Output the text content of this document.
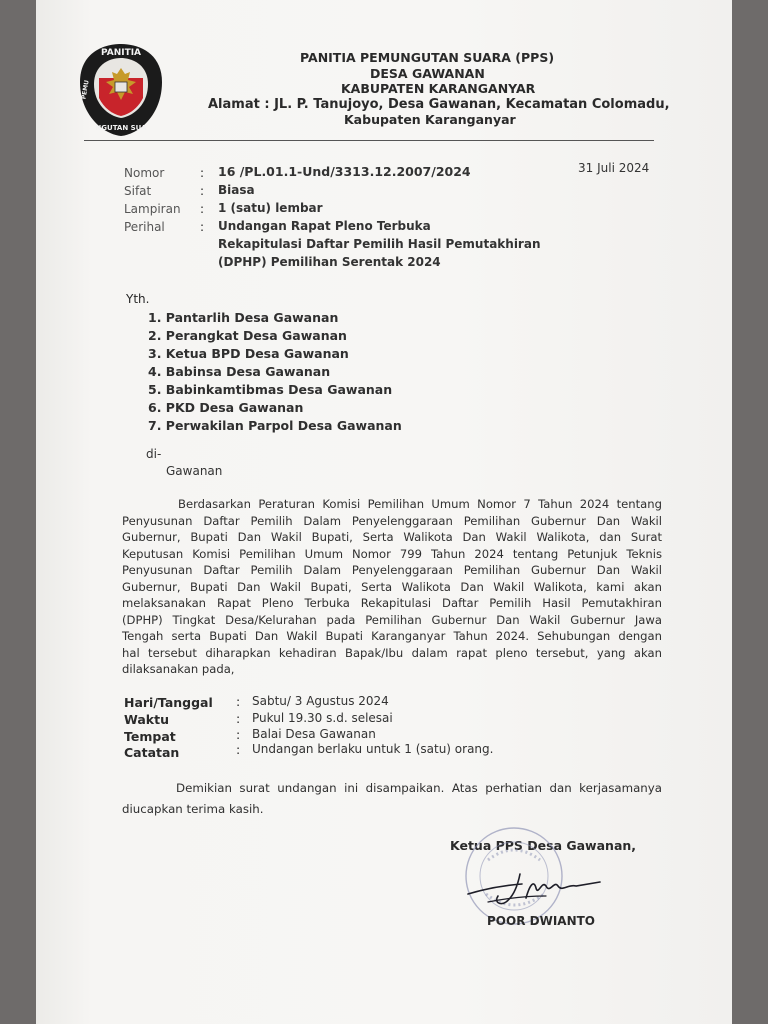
PANITIA
PEMU
NGUTAN SUA
PANITIA PEMUNGUTAN SUARA (PPS)
DESA GAWANAN
KABUPATEN KARANGANYAR
Alamat : JL. P. Tanujoyo, Desa Gawanan, Kecamatan Colomadu,
Kabupaten Karanganyar
Nomor	: 16 /PL.01.1-Und/3313.12.2007/2024	31 Juli 2024
Sifat	: Biasa
Lampiran : 1 (satu) lembar
Perihal	: Undangan Rapat Pleno Terbuka
Rekapitulasi Daftar Pemilih Hasil Pemutakhiran
(DPHP) Pemilihan Serentak 2024
Yth.
1. Pantarlih Desa Gawanan
2. Perangkat Desa Gawanan
3. Ketua BPD Desa Gawanan
4. Babinsa Desa Gawanan
5. Babinkamtibmas Desa Gawanan
6. PKD Desa Gawanan
7. Perwakilan Parpol Desa Gawanan
di-
Gawanan
Berdasarkan Peraturan Komisi Pemilihan Umum Nomor 7 Tahun 2024 tentang
Penyusunan Daftar Pemilih Dalam Penyelenggaraan Pemilihan Gubernur Dan Wakil
Gubernur, Bupati Dan Wakil Bupati, Serta Walikota Dan Wakil Walikota, dan Surat
Keputusan Komisi Pemilihan Umum Nomor 799 Tahun 2024 tentang Petunjuk Teknis
Penyusunan Daftar Pemilih Dalam Penyelenggaraan Pemilihan Gubernur Dan Wakil
Gubernur, Bupati Dan Wakil Bupati, Serta Walikota Dan Wakil Walikota, kami akan
melaksanakan Rapat Pleno Terbuka Rekapitulasi Daftar Pemilih Hasil Pemutakhiran
(DPHP) Tingkat Desa/Kelurahan pada Pemilihan Gubernur Dan Wakil Gubernur Jawa
Tengah serta Bupati Dan Wakil Bupati Karanganyar Tahun 2024. Sehubungan dengan
hal tersebut diharapkan kehadiran Bapak/Ibu dalam rapat pleno tersebut, yang akan
dilaksanakan pada,
Hari/Tanggal : Sabtu/ 3 Agustus 2024
Waktu	: Pukul 19.30 s.d. selesai
Tempat	: Balai Desa Gawanan
Catatan	: Undangan berlaku untuk 1 (satu) orang.
Demikian surat undangan ini disampaikan. Atas perhatian dan kerjasamanya
diucapkan terima kasih.
Ketua PPS Desa Gawanan,
POOR DWIANTO
